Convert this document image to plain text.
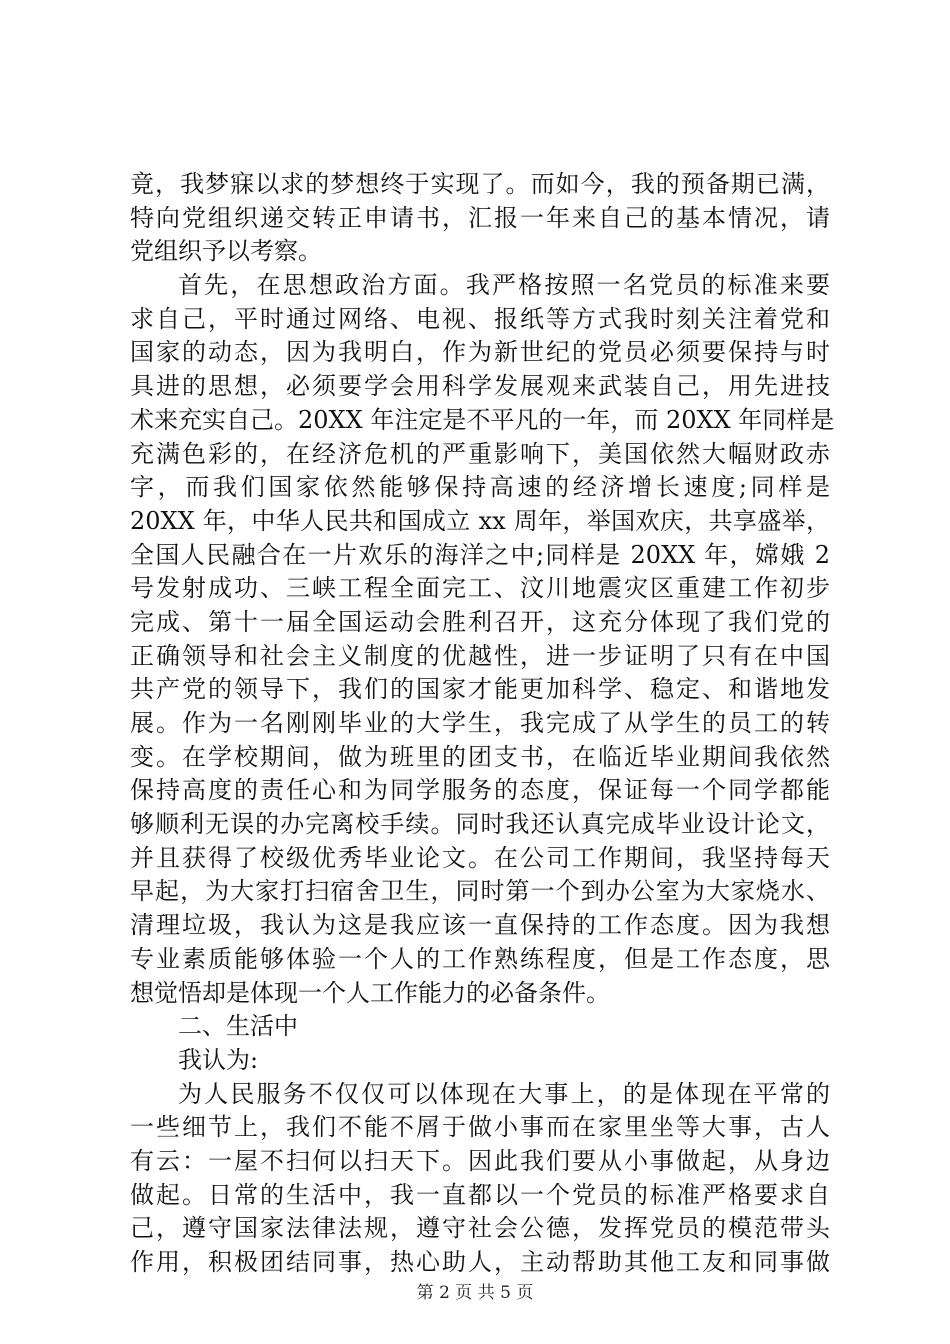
竟，我梦寐以求的梦想终于实现了。而如今，我的预备期已满，
特向党组织递交转正申请书，汇报一年来自己的基本情况，请
党组织予以考察。
首先，在思想政治方面。我严格按照一名党员的标准来要
求自己，平时通过网络、电视、报纸等方式我时刻关注着党和
国家的动态，因为我明白，作为新世纪的党员必须要保持与时
具进的思想，必须要学会用科学发展观来武装自己，用先进技
术来充实自己。20XX 年注定是不平凡的一年，而 20XX 年同样是
充满色彩的，在经济危机的严重影响下，美国依然大幅财政赤
字，而我们国家依然能够保持高速的经济增长速度;同样是
20XX 年，中华人民共和国成立 xx 周年，举国欢庆，共享盛举，
全国人民融合在一片欢乐的海洋之中;同样是 20XX 年，嫦娥 2
号发射成功、三峡工程全面完工、汶川地震灾区重建工作初步
完成、第十一届全国运动会胜利召开，这充分体现了我们党的
正确领导和社会主义制度的优越性，进一步证明了只有在中国
共产党的领导下，我们的国家才能更加科学、稳定、和谐地发
展。作为一名刚刚毕业的大学生，我完成了从学生的员工的转
变。在学校期间，做为班里的团支书，在临近毕业期间我依然
保持高度的责任心和为同学服务的态度，保证每一个同学都能
够顺利无误的办完离校手续。同时我还认真完成毕业设计论文，
并且获得了校级优秀毕业论文。在公司工作期间，我坚持每天
早起，为大家打扫宿舍卫生，同时第一个到办公室为大家烧水、
清理垃圾，我认为这是我应该一直保持的工作态度。因为我想
专业素质能够体验一个人的工作熟练程度，但是工作态度，思
想觉悟却是体现一个人工作能力的必备条件。
二、生活中
我认为:
为人民服务不仅仅可以体现在大事上，的是体现在平常的
一些细节上，我们不能不屑于做小事而在家里坐等大事，古人
有云：一屋不扫何以扫天下。因此我们要从小事做起，从身边
做起。日常的生活中，我一直都以一个党员的标准严格要求自
己，遵守国家法律法规，遵守社会公德，发挥党员的模范带头
作用，积极团结同事，热心助人，主动帮助其他工友和同事做
第 2 页 共 5 页
